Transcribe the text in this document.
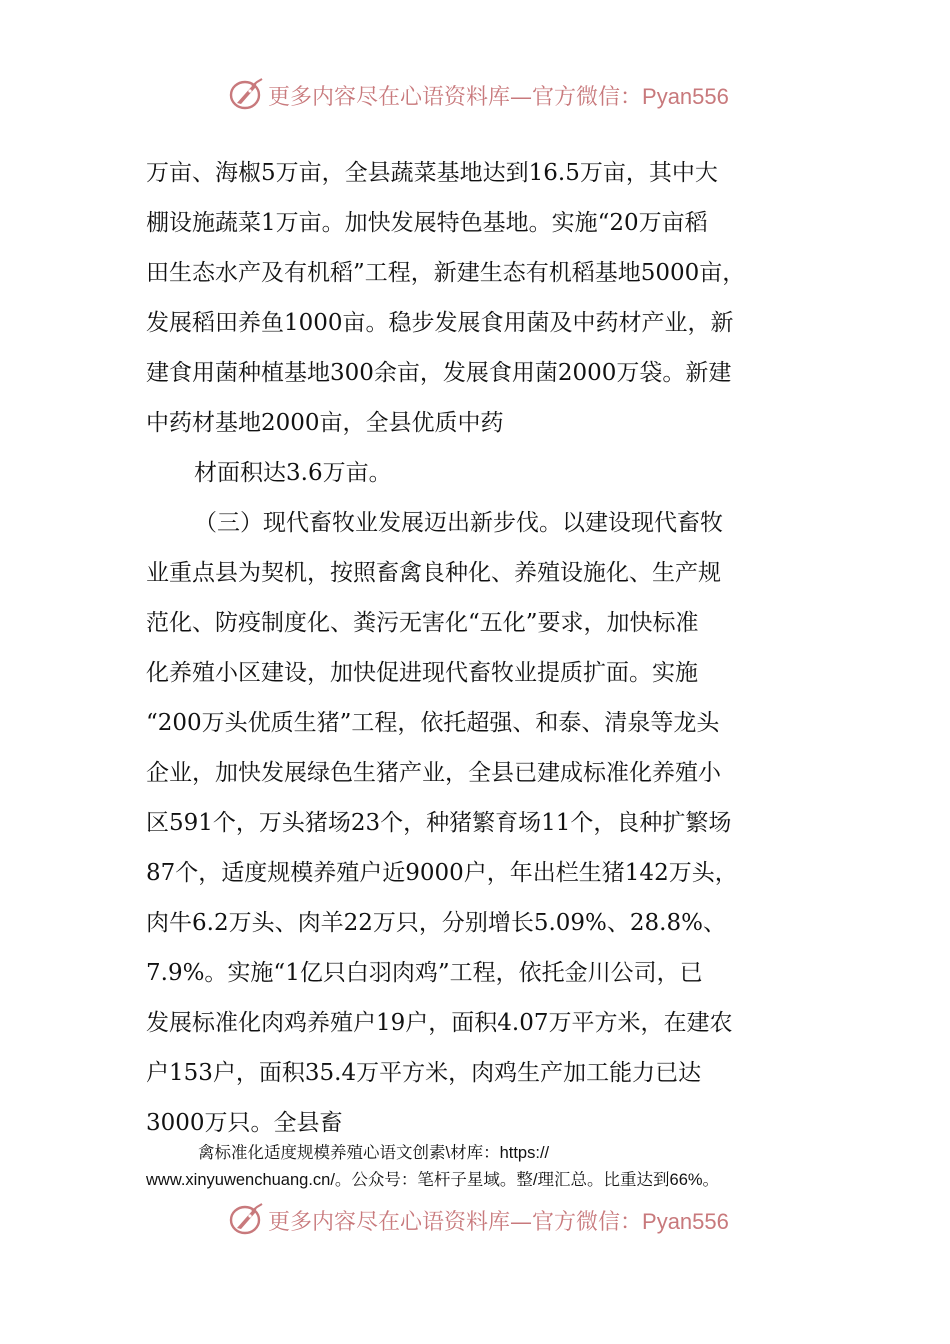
更多内容尽在心语资料库—官方微信：Pyan556
万亩、海椒5万亩，全县蔬菜基地达到16.5万亩，其中大
棚设施蔬菜1万亩。加快发展特色基地。实施“20万亩稻
田生态水产及有机稻”工程，新建生态有机稻基地5000亩，
发展稻田养鱼1000亩。稳步发展食用菌及中药材产业，新
建食用菌种植基地300余亩，发展食用菌2000万袋。新建
中药材基地2000亩，全县优质中药
材面积达3.6万亩。
（三）现代畜牧业发展迈出新步伐。以建设现代畜牧
业重点县为契机，按照畜禽良种化、养殖设施化、生产规
范化、防疫制度化、粪污无害化“五化”要求，加快标准
化养殖小区建设，加快促进现代畜牧业提质扩面。实施
“200万头优质生猪”工程，依托超强、和泰、清泉等龙头
企业，加快发展绿色生猪产业，全县已建成标准化养殖小
区591个，万头猪场23个，种猪繁育场11个，良种扩繁场
87个，适度规模养殖户近9000户，年出栏生猪142万头，
肉牛6.2万头、肉羊22万只，分别增长5.09%、28.8%、
7.9%。实施“1亿只白羽肉鸡”工程，依托金川公司，已
发展标准化肉鸡养殖户19户，面积4.07万平方米，在建农
户153户，面积35.4万平方米，肉鸡生产加工能力已达
3000万只。全县畜
禽标准化适度规模养殖心语文创素\材库：https://
www.xinyuwenchuang.cn/。公众号：笔杆子星域。整/理汇总。比重达到66%。
更多内容尽在心语资料库—官方微信：Pyan556
